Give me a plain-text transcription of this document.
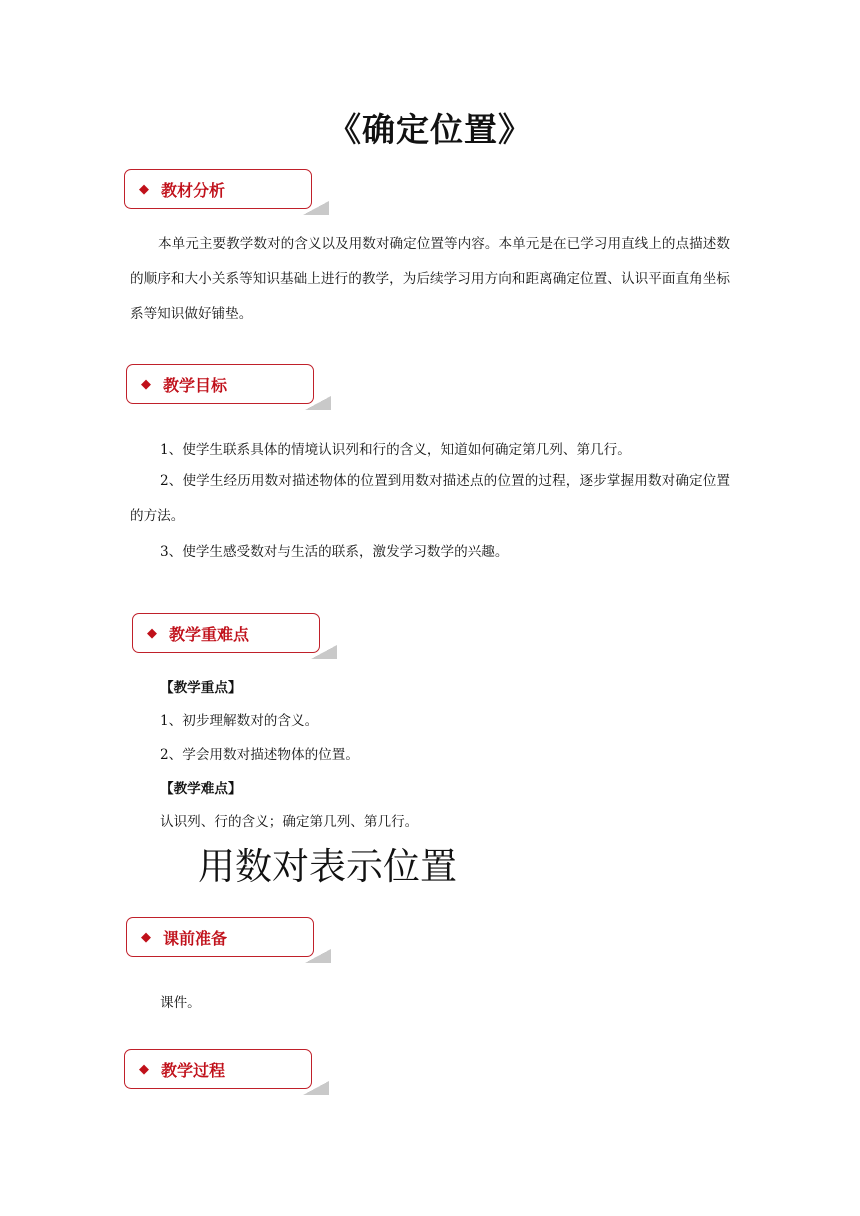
《确定位置》
◆ 教材分析

本单元主要教学数对的含义以及用数对确定位置等内容。本单元是在已学习用直线上的点描述数的顺序和大小关系等知识基础上进行的教学，为后续学习用方向和距离确定位置、认识平面直角坐标系等知识做好铺垫。

◆ 教学目标

1、使学生联系具体的情境认识列和行的含义，知道如何确定第几列、第几行。

2、使学生经历用数对描述物体的位置到用数对描述点的位置的过程，逐步掌握用数对确定位置的方法。

3、使学生感受数对与生活的联系，激发学习数学的兴趣。

◆ 教学重难点

【教学重点】

1、初步理解数对的含义。

2、学会用数对描述物体的位置。

【教学难点】

认识列、行的含义；确定第几列、第几行。

用数对表示位置
◆ 课前准备

课件。

◆ 教学过程
